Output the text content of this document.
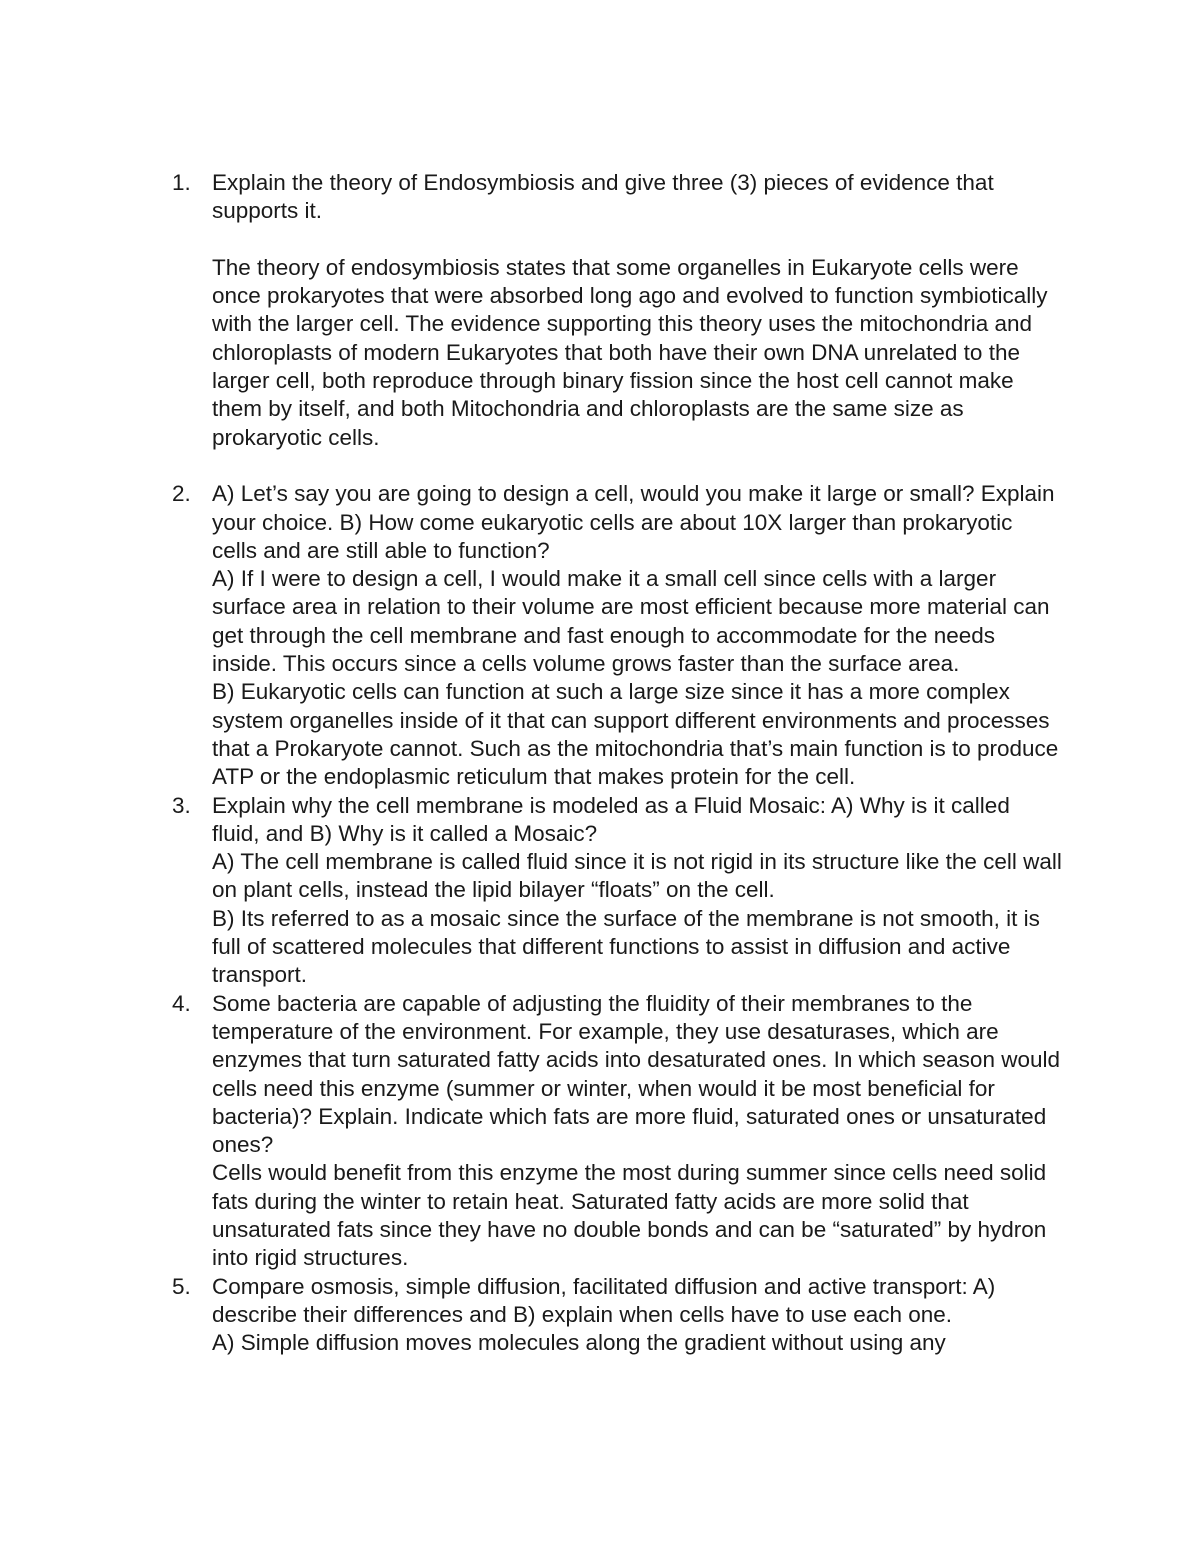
1. Explain the theory of Endosymbiosis and give three (3) pieces of evidence that supports it.

The theory of endosymbiosis states that some organelles in Eukaryote cells were once prokaryotes that were absorbed long ago and evolved to function symbiotically with the larger cell. The evidence supporting this theory uses the mitochondria and chloroplasts of modern Eukaryotes that both have their own DNA unrelated to the larger cell, both reproduce through binary fission since the host cell cannot make them by itself, and both Mitochondria and chloroplasts are the same size as prokaryotic cells.

2. A) Let’s say you are going to design a cell, would you make it large or small? Explain your choice. B) How come eukaryotic cells are about 10X larger than prokaryotic cells and are still able to function?

A) If I were to design a cell, I would make it a small cell since cells with a larger surface area in relation to their volume are most efficient because more material can get through the cell membrane and fast enough to accommodate for the needs inside. This occurs since a cells volume grows faster than the surface area.

B) Eukaryotic cells can function at such a large size since it has a more complex system organelles inside of it that can support different environments and processes that a Prokaryote cannot. Such as the mitochondria that’s main function is to produce ATP or the endoplasmic reticulum that makes protein for the cell.

3. Explain why the cell membrane is modeled as a Fluid Mosaic: A) Why is it called fluid, and B) Why is it called a Mosaic?

A) The cell membrane is called fluid since it is not rigid in its structure like the cell wall on plant cells, instead the lipid bilayer “floats” on the cell.

B) Its referred to as a mosaic since the surface of the membrane is not smooth, it is full of scattered molecules that different functions to assist in diffusion and active transport.

4. Some bacteria are capable of adjusting the fluidity of their membranes to the temperature of the environment. For example, they use desaturases, which are enzymes that turn saturated fatty acids into desaturated ones. In which season would cells need this enzyme (summer or winter, when would it be most beneficial for bacteria)? Explain. Indicate which fats are more fluid, saturated ones or unsaturated ones?

Cells would benefit from this enzyme the most during summer since cells need solid fats during the winter to retain heat. Saturated fatty acids are more solid that unsaturated fats since they have no double bonds and can be “saturated” by hydron into rigid structures.

5. Compare osmosis, simple diffusion, facilitated diffusion and active transport: A) describe their differences and B) explain when cells have to use each one.

A) Simple diffusion moves molecules along the gradient without using any
